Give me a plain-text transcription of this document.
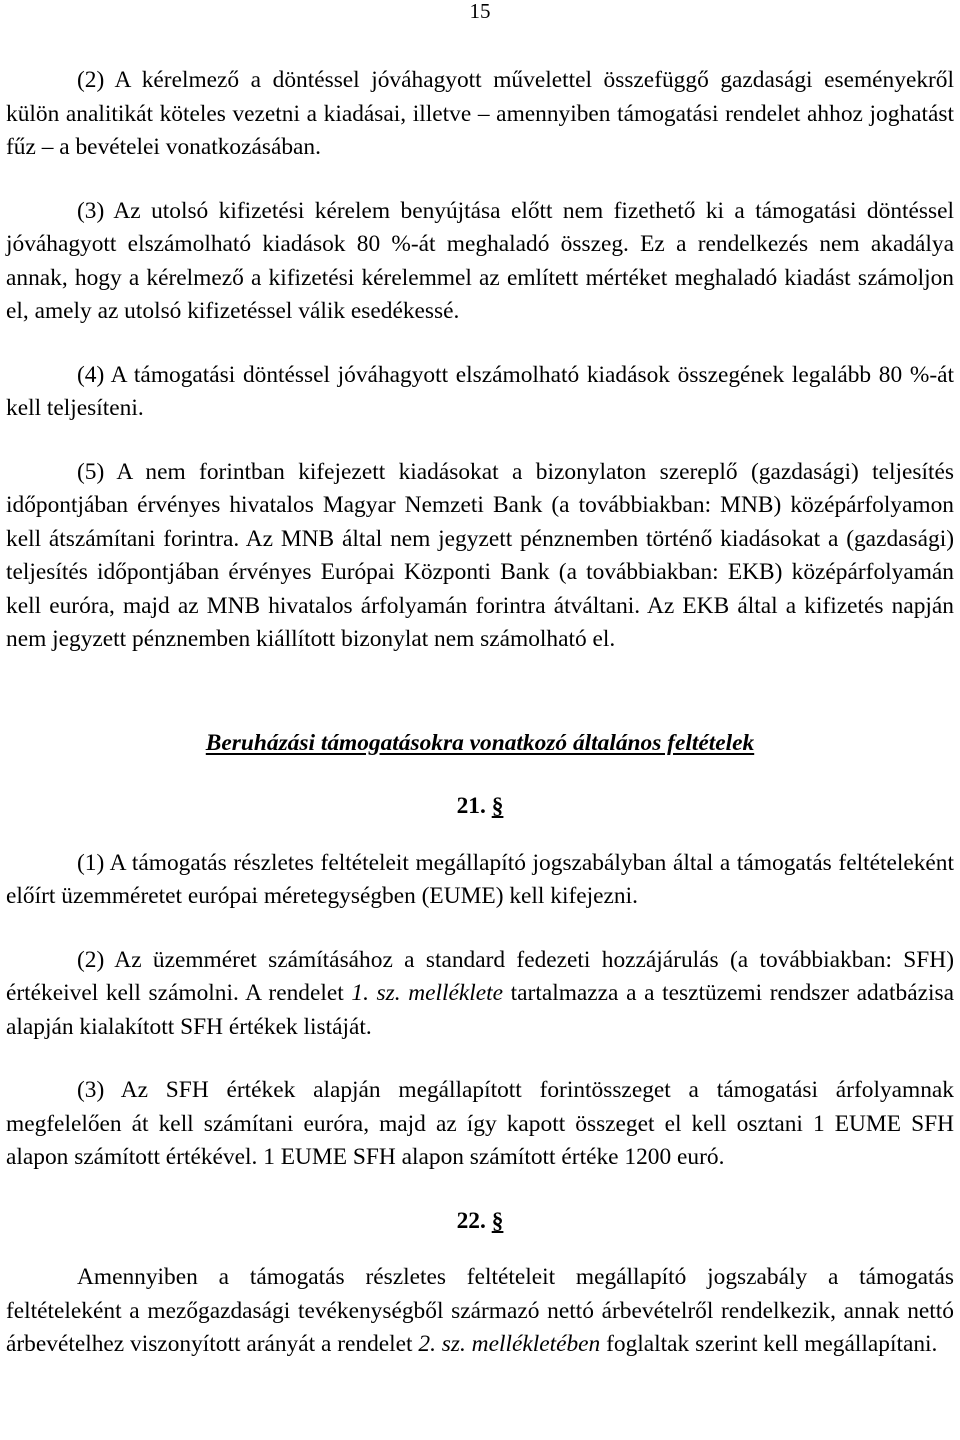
15

(2) A kérelmező a döntéssel jóváhagyott művelettel összefüggő gazdasági eseményekről külön analitikát köteles vezetni a kiadásai, illetve – amennyiben támogatási rendelet ahhoz joghatást fűz – a bevételei vonatkozásában.

(3) Az utolsó kifizetési kérelem benyújtása előtt nem fizethető ki a támogatási döntéssel jóváhagyott elszámolható kiadások 80 %-át meghaladó összeg. Ez a rendelkezés nem akadálya annak, hogy a kérelmező a kifizetési kérelemmel az említett mértéket meghaladó kiadást számoljon el, amely az utolsó kifizetéssel válik esedékessé.

(4) A támogatási döntéssel jóváhagyott elszámolható kiadások összegének legalább 80 %-át kell teljesíteni.

(5) A nem forintban kifejezett kiadásokat a bizonylaton szereplő (gazdasági) teljesítés időpontjában érvényes hivatalos Magyar Nemzeti Bank (a továbbiakban: MNB) középárfolyamon kell átszámítani forintra. Az MNB által nem jegyzett pénznemben történő kiadásokat a (gazdasági) teljesítés időpontjában érvényes Európai Központi Bank (a továbbiakban: EKB) középárfolyamán kell euróra, majd az MNB hivatalos árfolyamán forintra átváltani. Az EKB által a kifizetés napján nem jegyzett pénznemben kiállított bizonylat nem számolható el.

Beruházási támogatásokra vonatkozó általános feltételek

21. §

(1) A támogatás részletes feltételeit megállapító jogszabályban által a támogatás feltételeként előírt üzemméretet európai méretegységben (EUME) kell kifejezni.

(2) Az üzemméret számításához a standard fedezeti hozzájárulás (a továbbiakban: SFH) értékeivel kell számolni. A rendelet 1. sz. melléklete tartalmazza a a tesztüzemi rendszer adatbázisa alapján kialakított SFH értékek listáját.

(3) Az SFH értékek alapján megállapított forintösszeget a támogatási árfolyamnak megfelelően át kell számítani euróra, majd az így kapott összeget el kell osztani 1 EUME SFH alapon számított értékével. 1 EUME SFH alapon számított értéke 1200 euró.

22. §

Amennyiben a támogatás részletes feltételeit megállapító jogszabály a támogatás feltételeként a mezőgazdasági tevékenységből származó nettó árbevételről rendelkezik, annak nettó árbevételhez viszonyított arányát a rendelet 2. sz. mellékletében foglaltak szerint kell megállapítani.
